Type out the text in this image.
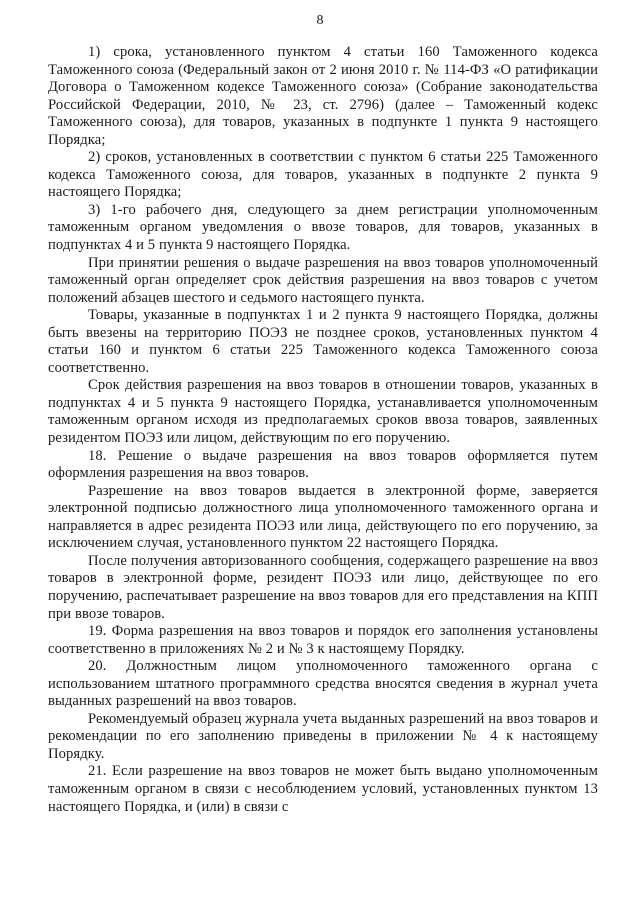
8

1) срока, установленного пунктом 4 статьи 160 Таможенного кодекса Таможенного союза (Федеральный закон от 2 июня 2010 г. № 114-ФЗ «О ратификации Договора о Таможенном кодексе Таможенного союза» (Собрание законодательства Российской Федерации, 2010, № 23, ст. 2796) (далее – Таможенный кодекс Таможенного союза), для товаров, указанных в подпункте 1 пункта 9 настоящего Порядка;

2) сроков, установленных в соответствии с пунктом 6 статьи 225 Таможенного кодекса Таможенного союза, для товаров, указанных в подпункте 2 пункта 9 настоящего Порядка;

3) 1-го рабочего дня, следующего за днем регистрации уполномоченным таможенным органом уведомления о ввозе товаров, для товаров, указанных в подпунктах 4 и 5 пункта 9 настоящего Порядка.

При принятии решения о выдаче разрешения на ввоз товаров уполномоченный таможенный орган определяет срок действия разрешения на ввоз товаров с учетом положений абзацев шестого и седьмого настоящего пункта.

Товары, указанные в подпунктах 1 и 2 пункта 9 настоящего Порядка, должны быть ввезены на территорию ПОЭЗ не позднее сроков, установленных пунктом 4 статьи 160 и пунктом 6 статьи 225 Таможенного кодекса Таможенного союза соответственно.

Срок действия разрешения на ввоз товаров в отношении товаров, указанных в подпунктах 4 и 5 пункта 9 настоящего Порядка, устанавливается уполномоченным таможенным органом исходя из предполагаемых сроков ввоза товаров, заявленных резидентом ПОЭЗ или лицом, действующим по его поручению.

18. Решение о выдаче разрешения на ввоз товаров оформляется путем оформления разрешения на ввоз товаров.

Разрешение на ввоз товаров выдается в электронной форме, заверяется электронной подписью должностного лица уполномоченного таможенного органа и направляется в адрес резидента ПОЭЗ или лица, действующего по его поручению, за исключением случая, установленного пунктом 22 настоящего Порядка.

После получения авторизованного сообщения, содержащего разрешение на ввоз товаров в электронной форме, резидент ПОЭЗ или лицо, действующее по его поручению, распечатывает разрешение на ввоз товаров для его представления на КПП при ввозе товаров.

19. Форма разрешения на ввоз товаров и порядок его заполнения установлены соответственно в приложениях № 2 и № 3 к настоящему Порядку.

20. Должностным лицом уполномоченного таможенного органа с использованием штатного программного средства вносятся сведения в журнал учета выданных разрешений на ввоз товаров.

Рекомендуемый образец журнала учета выданных разрешений на ввоз товаров и рекомендации по его заполнению приведены в приложении № 4 к настоящему Порядку.

21. Если разрешение на ввоз товаров не может быть выдано уполномоченным таможенным органом в связи с несоблюдением условий, установленных пунктом 13 настоящего Порядка, и (или) в связи с
